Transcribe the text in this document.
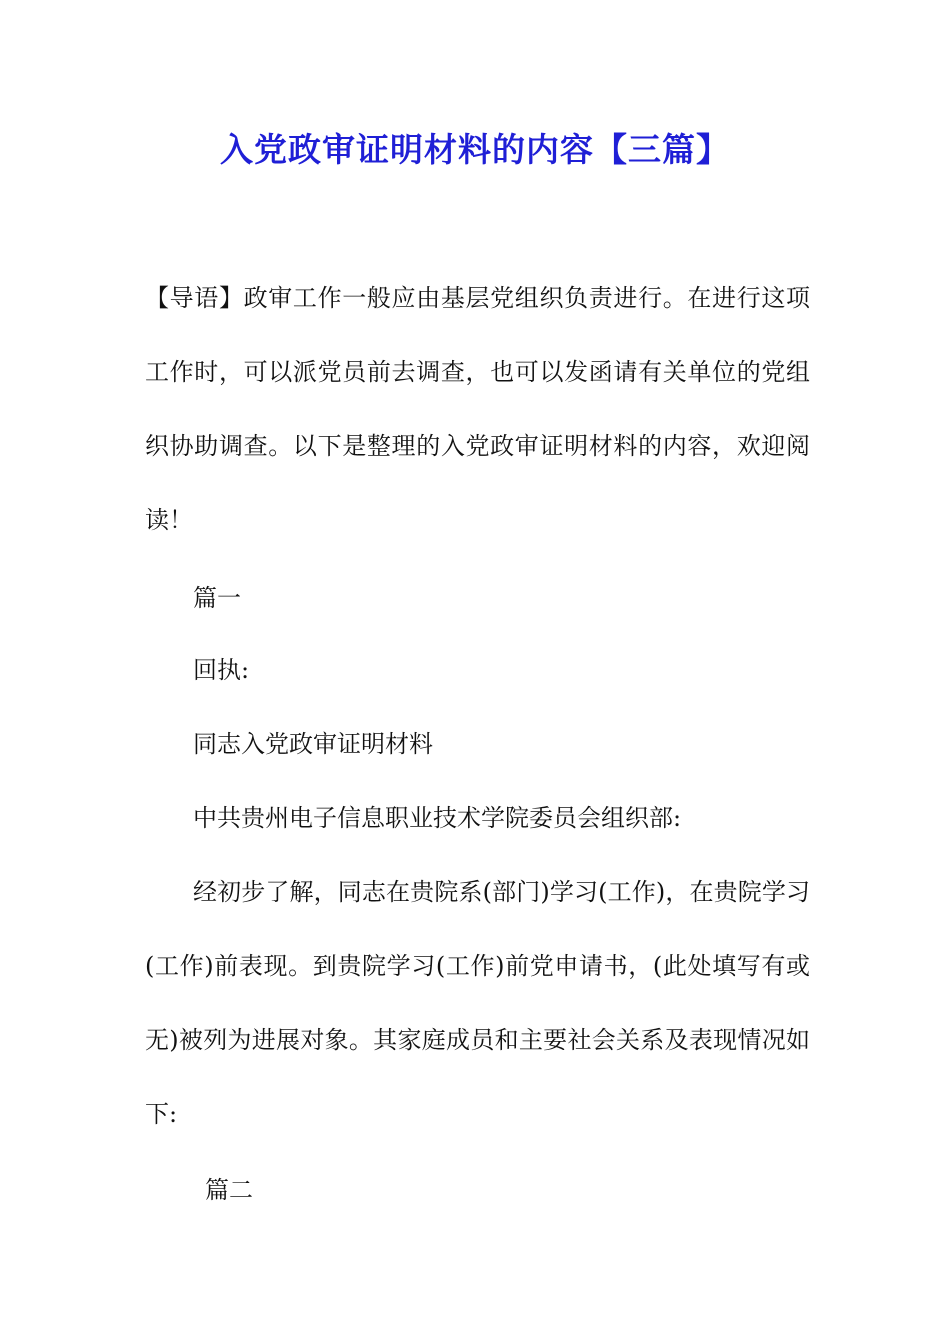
入党政审证明材料的内容【三篇】

【导语】政审工作一般应由基层党组织负责进行。在进行这项工作时，可以派党员前去调查，也可以发函请有关单位的党组织协助调查。以下是整理的入党政审证明材料的内容，欢迎阅读！

篇一
回执:
同志入党政审证明材料
中共贵州电子信息职业技术学院委员会组织部:

经初步了解，同志在贵院系(部门)学习(工作)，在贵院学习(工作)前表现。到贵院学习(工作)前党申请书，(此处填写有或无)被列为进展对象。其家庭成员和主要社会关系及表现情况如下:

篇二
